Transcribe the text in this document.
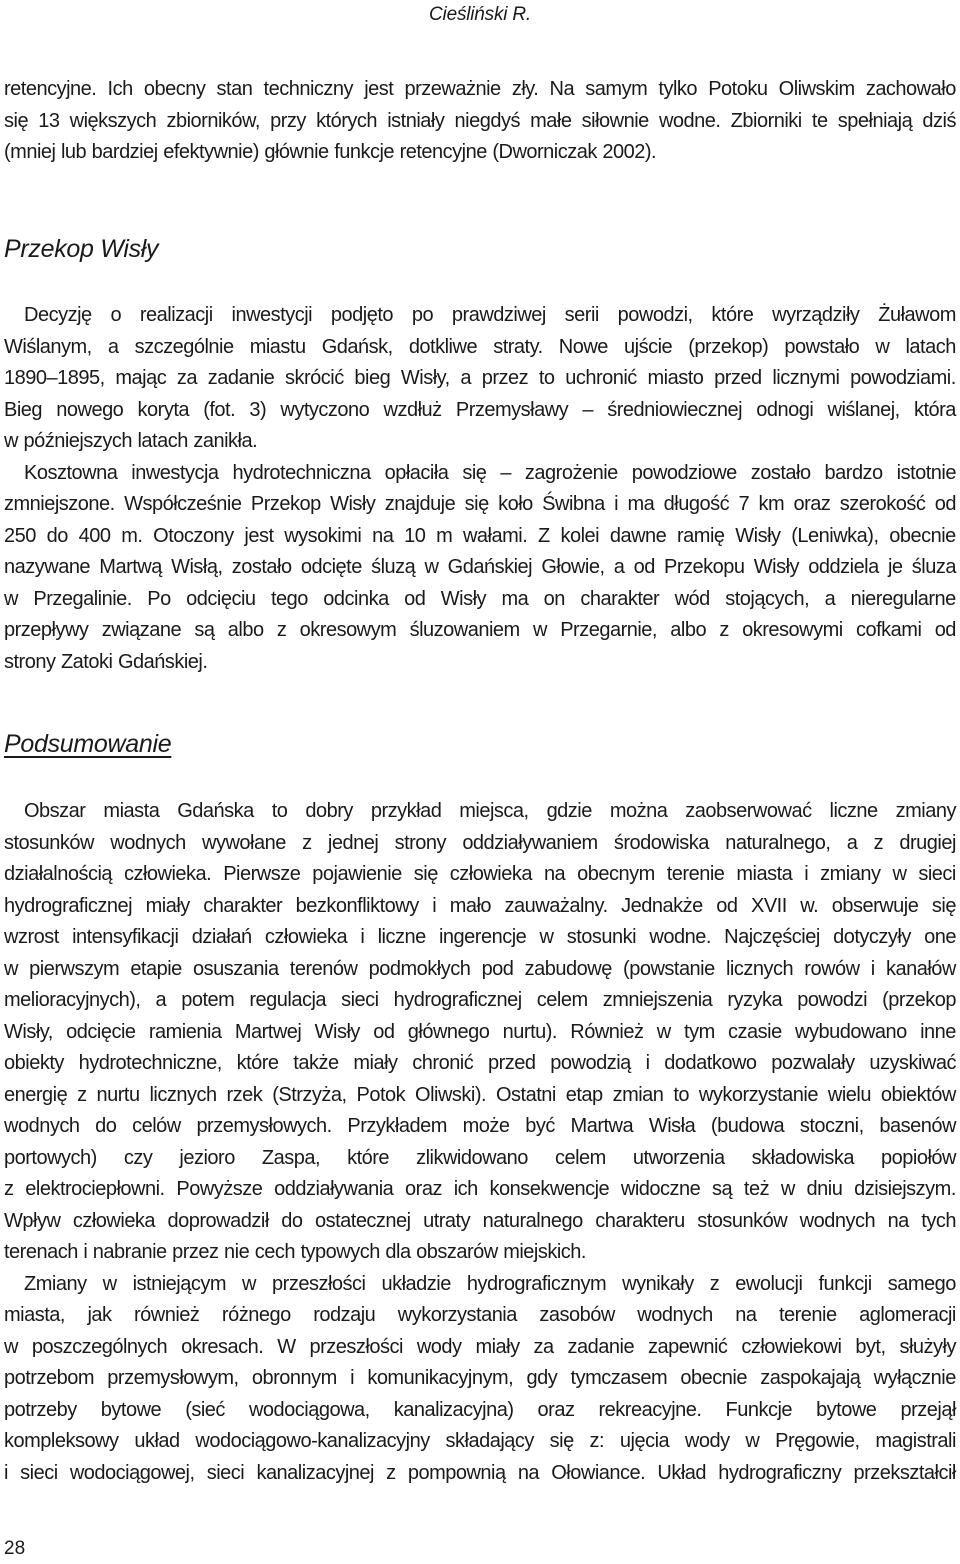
Cieśliński R.
retencyjne. Ich obecny stan techniczny jest przeważnie zły. Na samym tylko Potoku Oliwskim zachowało
się 13 większych zbiorników, przy których istniały niegdyś małe siłownie wodne. Zbiorniki te spełniają dziś
(mniej lub bardziej efektywnie) głównie funkcje retencyjne (Dworniczak 2002).
Przekop Wisły
Decyzję o realizacji inwestycji podjęto po prawdziwej serii powodzi, które wyrządziły Żuławom
Wiślanym, a szczególnie miastu Gdańsk, dotkliwe straty. Nowe ujście (przekop) powstało w latach
1890–1895, mając za zadanie skrócić bieg Wisły, a przez to uchronić miasto przed licznymi powodziami.
Bieg nowego koryta (fot. 3) wytyczono wzdłuż Przemysławy – średniowiecznej odnogi wiślanej, która
w późniejszych latach zanikła.
Kosztowna inwestycja hydrotechniczna opłaciła się – zagrożenie powodziowe zostało bardzo istotnie
zmniejszone. Współcześnie Przekop Wisły znajduje się koło Świbna i ma długość 7 km oraz szerokość od
250 do 400 m. Otoczony jest wysokimi na 10 m wałami. Z kolei dawne ramię Wisły (Leniwka), obecnie
nazywane Martwą Wisłą, zostało odcięte śluzą w Gdańskiej Głowie, a od Przekopu Wisły oddziela je śluza
w Przegalinie. Po odcięciu tego odcinka od Wisły ma on charakter wód stojących, a nieregularne
przepływy związane są albo z okresowym śluzowaniem w Przegarnie, albo z okresowymi cofkami od
strony Zatoki Gdańskiej.
Podsumowanie
Obszar miasta Gdańska to dobry przykład miejsca, gdzie można zaobserwować liczne zmiany
stosunków wodnych wywołane z jednej strony oddziaływaniem środowiska naturalnego, a z drugiej
działalnością człowieka. Pierwsze pojawienie się człowieka na obecnym terenie miasta i zmiany w sieci
hydrograficznej miały charakter bezkonfliktowy i mało zauważalny. Jednakże od XVII w. obserwuje się
wzrost intensyfikacji działań człowieka i liczne ingerencje w stosunki wodne. Najczęściej dotyczyły one
w pierwszym etapie osuszania terenów podmokłych pod zabudowę (powstanie licznych rowów i kanałów
melioracyjnych), a potem regulacja sieci hydrograficznej celem zmniejszenia ryzyka powodzi (przekop
Wisły, odcięcie ramienia Martwej Wisły od głównego nurtu). Również w tym czasie wybudowano inne
obiekty hydrotechniczne, które także miały chronić przed powodzią i dodatkowo pozwalały uzyskiwać
energię z nurtu licznych rzek (Strzyża, Potok Oliwski). Ostatni etap zmian to wykorzystanie wielu obiektów
wodnych do celów przemysłowych. Przykładem może być Martwa Wisła (budowa stoczni, basenów
portowych) czy jezioro Zaspa, które zlikwidowano celem utworzenia składowiska popiołów
z elektrociepłowni. Powyższe oddziaływania oraz ich konsekwencje widoczne są też w dniu dzisiejszym.
Wpływ człowieka doprowadził do ostatecznej utraty naturalnego charakteru stosunków wodnych na tych
terenach i nabranie przez nie cech typowych dla obszarów miejskich.
Zmiany w istniejącym w przeszłości układzie hydrograficznym wynikały z ewolucji funkcji samego
miasta, jak również różnego rodzaju wykorzystania zasobów wodnych na terenie aglomeracji
w poszczególnych okresach. W przeszłości wody miały za zadanie zapewnić człowiekowi byt, służyły
potrzebom przemysłowym, obronnym i komunikacyjnym, gdy tymczasem obecnie zaspokajają wyłącznie
potrzeby bytowe (sieć wodociągowa, kanalizacyjna) oraz rekreacyjne. Funkcje bytowe przejął
kompleksowy układ wodociągowo-kanalizacyjny składający się z: ujęcia wody w Pręgowie, magistrali
i sieci wodociągowej, sieci kanalizacyjnej z pompownią na Ołowiance. Układ hydrograficzny przekształcił
28
